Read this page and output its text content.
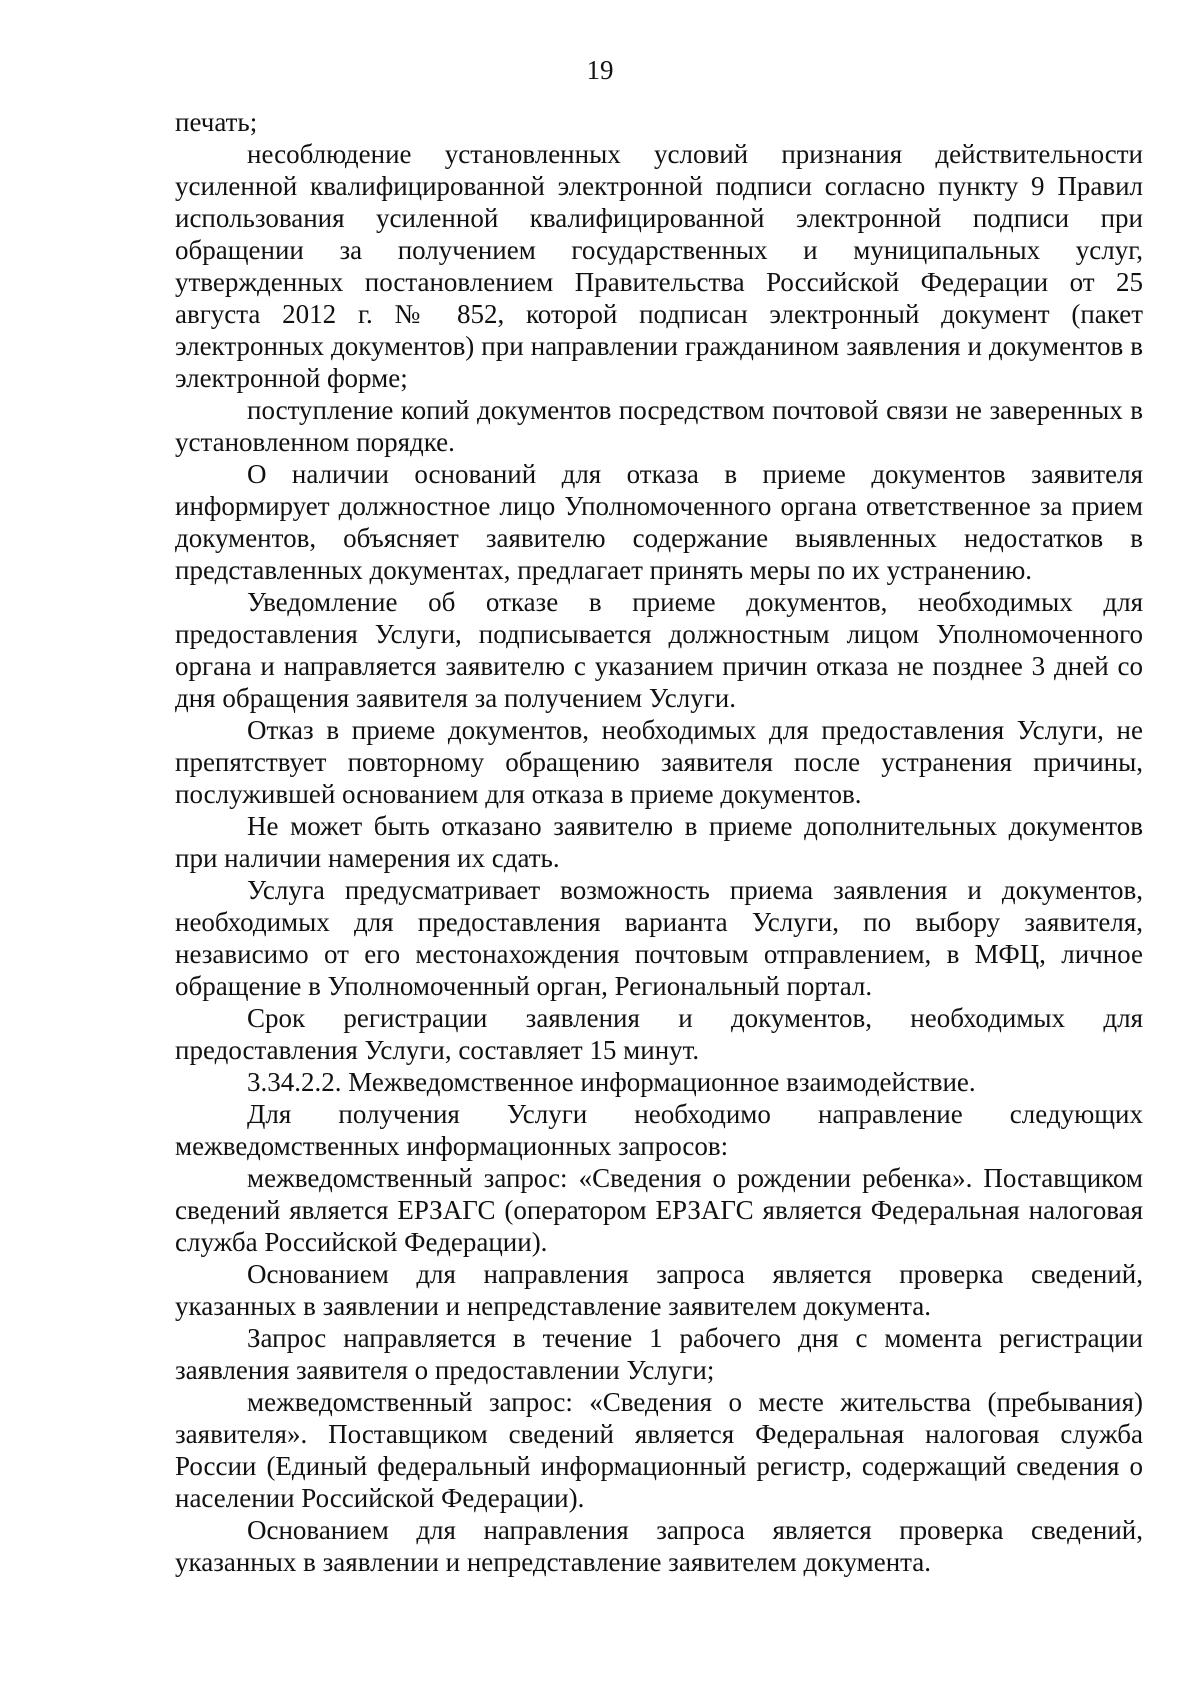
19

печать;

несоблюдение установленных условий признания действительности усиленной квалифицированной электронной подписи согласно пункту 9 Правил использования усиленной квалифицированной электронной подписи при обращении за получением государственных и муниципальных услуг, утвержденных постановлением Правительства Российской Федерации от 25 августа 2012 г. № 852, которой подписан электронный документ (пакет электронных документов) при направлении гражданином заявления и документов в электронной форме;

поступление копий документов посредством почтовой связи не заверенных в установленном порядке.

О наличии оснований для отказа в приеме документов заявителя информирует должностное лицо Уполномоченного органа ответственное за прием документов, объясняет заявителю содержание выявленных недостатков в представленных документах, предлагает принять меры по их устранению.

Уведомление об отказе в приеме документов, необходимых для предоставления Услуги, подписывается должностным лицом Уполномоченного органа и направляется заявителю с указанием причин отказа не позднее 3 дней со дня обращения заявителя за получением Услуги.

Отказ в приеме документов, необходимых для предоставления Услуги, не препятствует повторному обращению заявителя после устранения причины, послужившей основанием для отказа в приеме документов.

Не может быть отказано заявителю в приеме дополнительных документов при наличии намерения их сдать.

Услуга предусматривает возможность приема заявления и документов, необходимых для предоставления варианта Услуги, по выбору заявителя, независимо от его местонахождения почтовым отправлением, в МФЦ, личное обращение в Уполномоченный орган, Региональный портал.

Срок регистрации заявления и документов, необходимых для предоставления Услуги, составляет 15 минут.

3.34.2.2. Межведомственное информационное взаимодействие.

Для получения Услуги необходимо направление следующих межведомственных информационных запросов:

межведомственный запрос: «Сведения о рождении ребенка». Поставщиком сведений является ЕРЗАГС (оператором ЕРЗАГС является Федеральная налоговая служба Российской Федерации).

Основанием для направления запроса является проверка сведений, указанных в заявлении и непредставление заявителем документа.

Запрос направляется в течение 1 рабочего дня с момента регистрации заявления заявителя о предоставлении Услуги;

межведомственный запрос: «Сведения о месте жительства (пребывания) заявителя». Поставщиком сведений является Федеральная налоговая служба России (Единый федеральный информационный регистр, содержащий сведения о населении Российской Федерации).

Основанием для направления запроса является проверка сведений, указанных в заявлении и непредставление заявителем документа.
